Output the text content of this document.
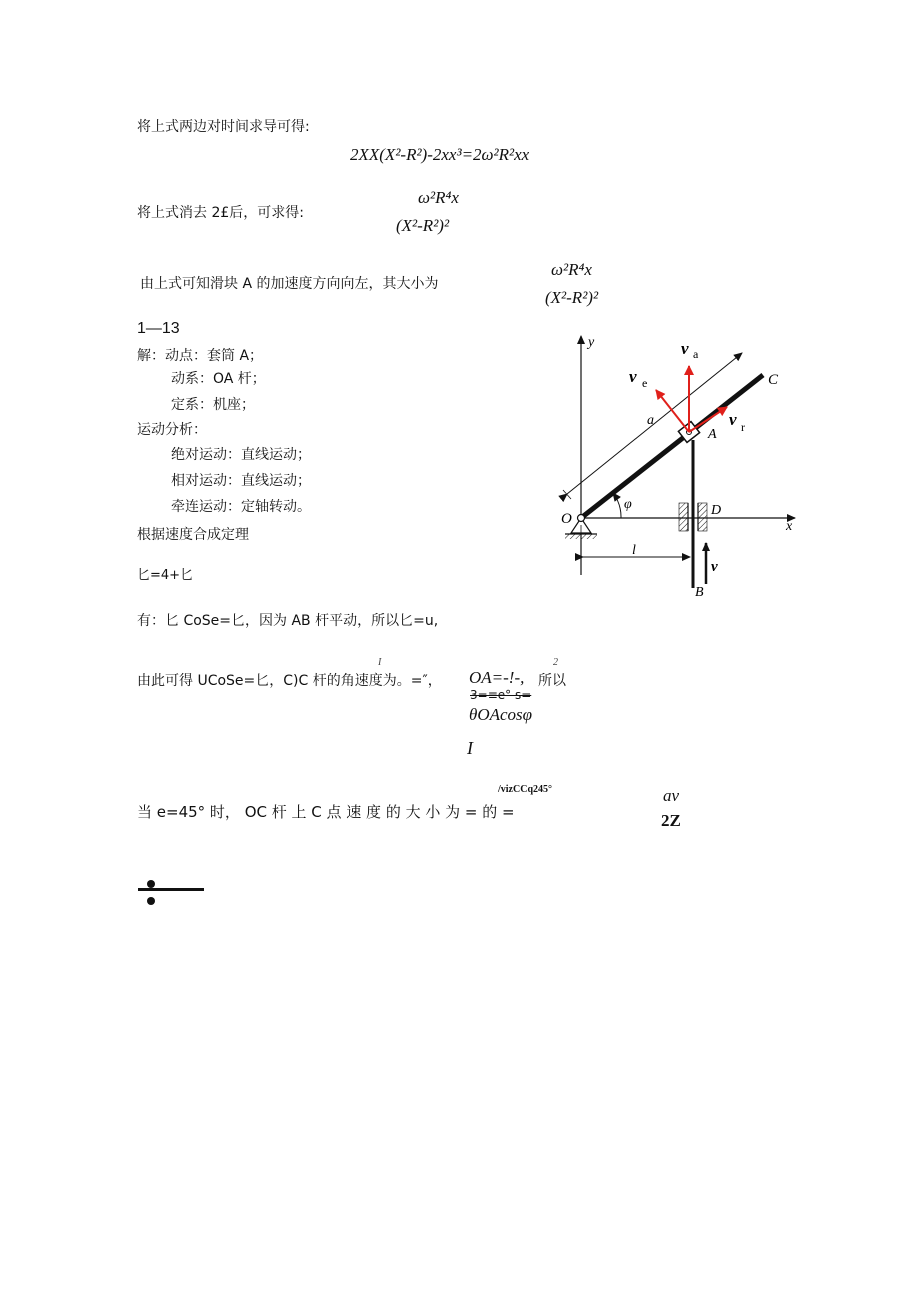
将上式两边对时间求导可得:
2XX(X²-R²)-2xx³=2ω²R²xx
将上式消去 2£后，可求得:
ω²R⁴x
(X²-R²)²
由上式可知滑块 A 的加速度方向向左，其大小为
ω²R⁴x
(X²-R²)²
1—13
解：动点：套筒 A；
动系：OA 杆；
定系：机座；
运动分析：
绝对运动：直线运动；
相对运动：直线运动；
牵连运动：定轴转动。
根据速度合成定理
匕=4+匕
有：匕 CoSe=匕，因为 AB 杆平动，所以匕=u,
I	2
由此可得 UCoSe=匕，C)C 杆的角速度为。=″， OA=-!-, 所以
3=≡e° s=
θOAcosφ
I
/vizCCq245°
当 e=45° 时， OC 杆 上 C 点 速 度 的 大 小 为 = 的 =
av
2Z
y
x
C
a
O
φ	D
B
l
v
A
v a
v e
v r
